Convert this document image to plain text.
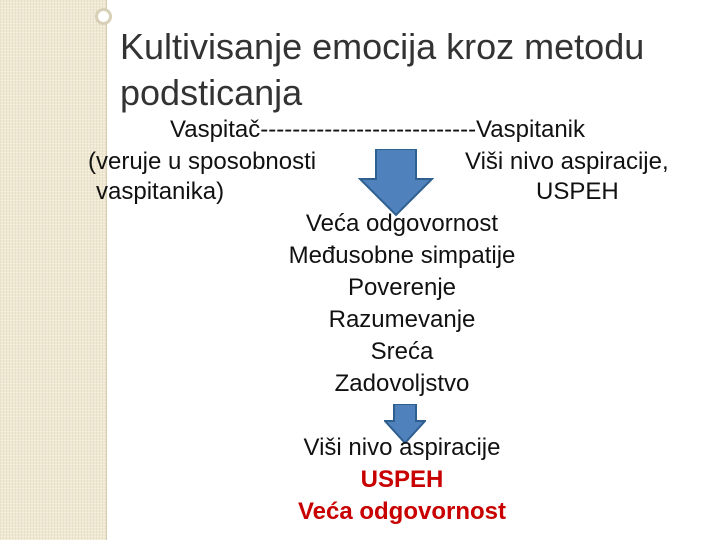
Kultivisanje emocija kroz metodu podsticanja
Vaspitač---------------------------Vaspitanik
(veruje u sposobnosti
vaspitanika)
Viši nivo aspiracije,
USPEH
Veća odgovornost
Međusobne simpatije
Poverenje
Razumevanje
Sreća
Zadovoljstvo
Viši nivo aspiracije
USPEH
Veća odgovornost
